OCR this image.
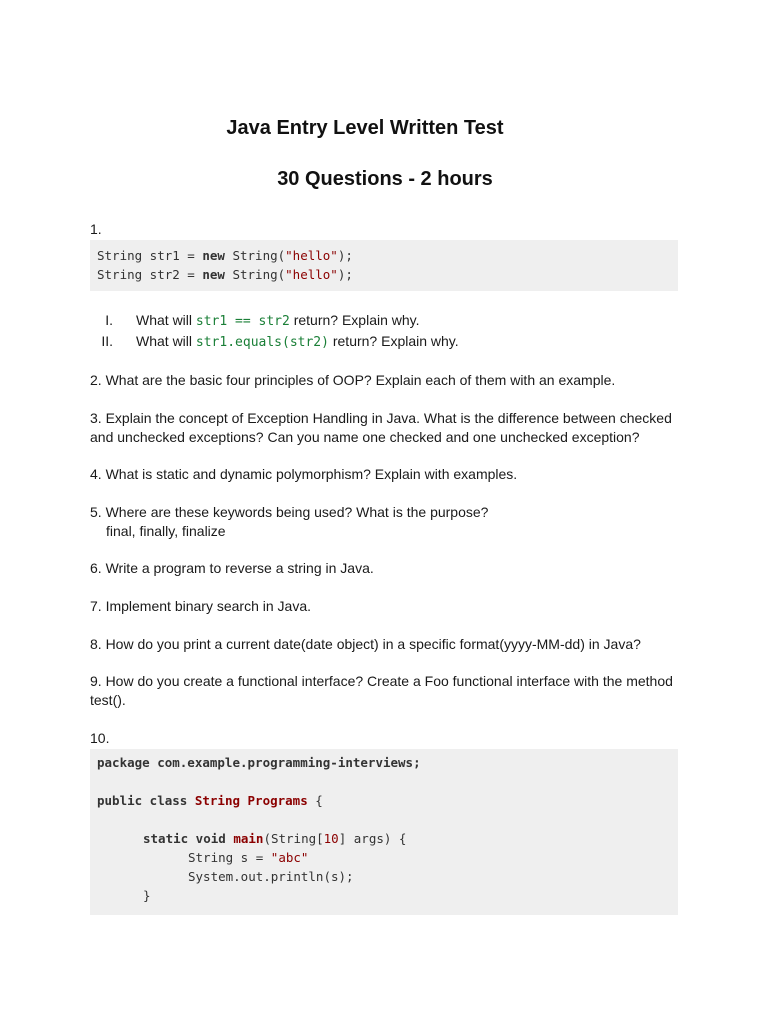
Java Entry Level Written Test
30 Questions - 2 hours

1.

String str1 = new String("hello");
String str2 = new String("hello");
I. What will str1 == str2 return? Explain why.
II. What will str1.equals(str2) return? Explain why.

2. What are the basic four principles of OOP? Explain each of them with an example.

3. Explain the concept of Exception Handling in Java. What is the difference between checked

and unchecked exceptions? Can you name one checked and one unchecked exception?

4. What is static and dynamic polymorphism? Explain with examples.

5. Where are these keywords being used? What is the purpose?

final, finally, finalize

6. Write a program to reverse a string in Java.

7. Implement binary search in Java.

8. How do you print a current date(date object) in a specific format(yyyy-MM-dd) in Java?

9. How do you create a functional interface? Create a Foo functional interface with the method

test().

10.

package com.example.programming-interviews;
public class String Programs {
static void main(String[10] args) {
String s = "abc"
System.out.println(s);
}
